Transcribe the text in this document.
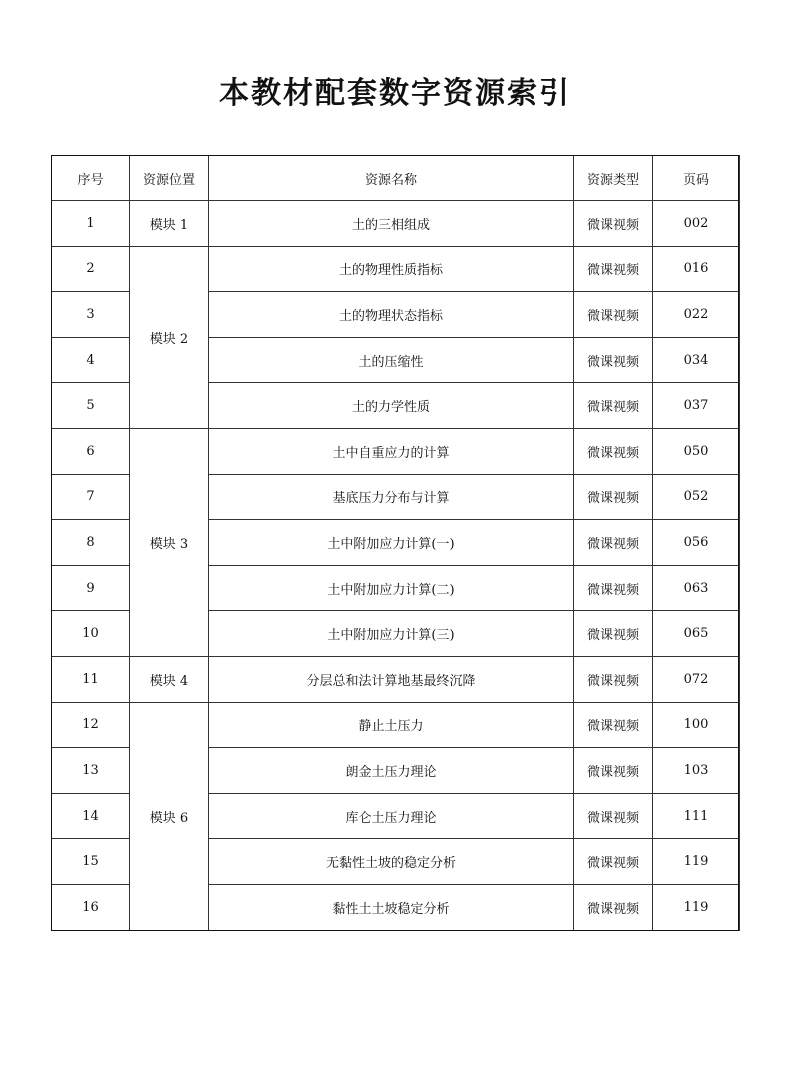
本教材配套数字资源索引
序号	资源位置	资源名称	资源类型	页码
1	模块 1	土的三相组成	微课视频	002
2	模块 2	土的物理性质指标	微课视频	016
3		土的物理状态指标	微课视频	022
4		土的压缩性	微课视频	034
5		土的力学性质	微课视频	037
6	模块 3	土中自重应力的计算	微课视频	050
7		基底压力分布与计算	微课视频	052
8		土中附加应力计算(一)	微课视频	056
9		土中附加应力计算(二)	微课视频	063
10		土中附加应力计算(三)	微课视频	065
11	模块 4	分层总和法计算地基最终沉降	微课视频	072
12	模块 6	静止土压力	微课视频	100
13		朗金土压力理论	微课视频	103
14		库仑土压力理论	微课视频	111
15		无黏性土坡的稳定分析	微课视频	119
16		黏性土土坡稳定分析	微课视频	119
